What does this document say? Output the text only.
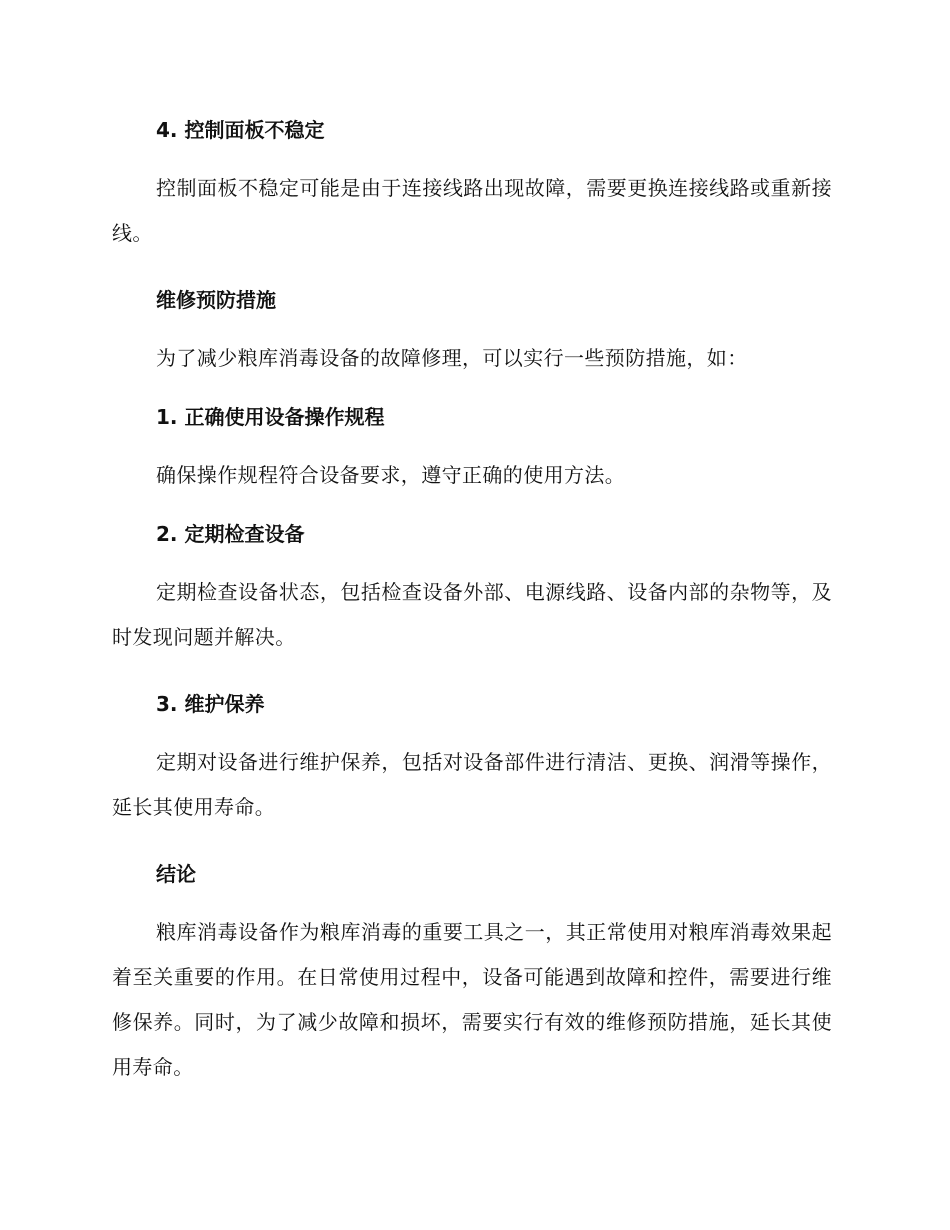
4. 控制面板不稳定

控制面板不稳定可能是由于连接线路出现故障，需要更换连接线路或重新接线。

维修预防措施

为了减少粮库消毒设备的故障修理，可以实行一些预防措施，如：

1. 正确使用设备操作规程

确保操作规程符合设备要求，遵守正确的使用方法。

2. 定期检查设备

定期检查设备状态，包括检查设备外部、电源线路、设备内部的杂物等，及时发现问题并解决。

3. 维护保养

定期对设备进行维护保养，包括对设备部件进行清洁、更换、润滑等操作，延长其使用寿命。

结论

粮库消毒设备作为粮库消毒的重要工具之一，其正常使用对粮库消毒效果起着至关重要的作用。在日常使用过程中，设备可能遇到故障和控件，需要进行维修保养。同时，为了减少故障和损坏，需要实行有效的维修预防措施，延长其使用寿命。
